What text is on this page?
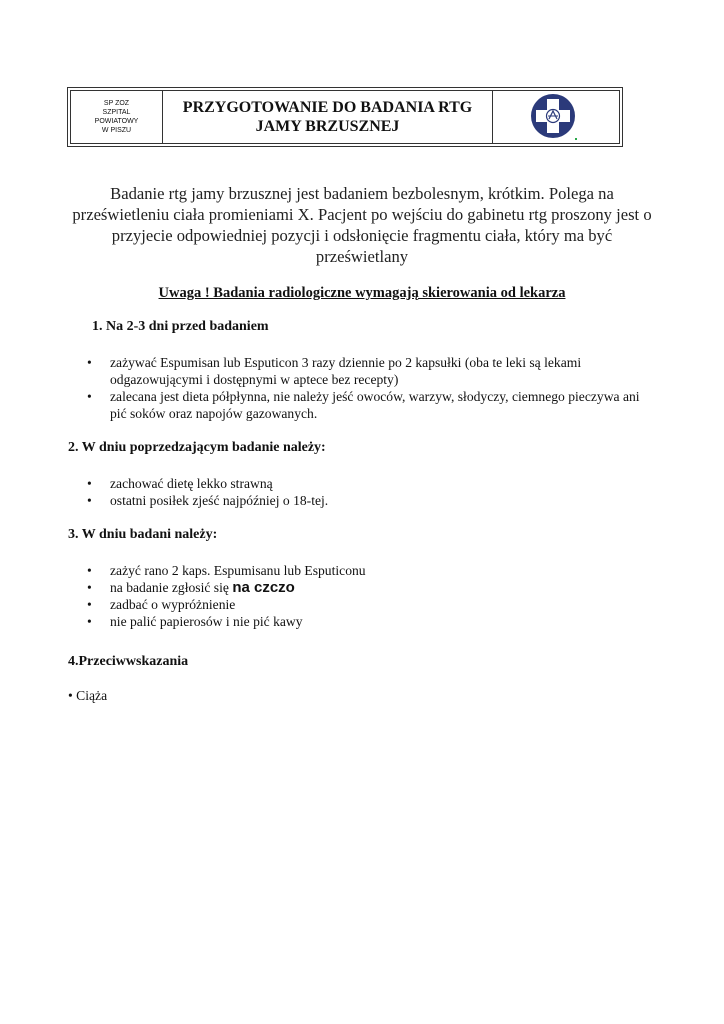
SP ZOZ
SZPITAL
POWIATOWY
W PISZU
PRZYGOTOWANIE DO BADANIA RTG
JAMY BRZUSZNEJ
Badanie rtg jamy brzusznej jest badaniem bezbolesnym, krótkim. Polega na prześwietleniu ciała promieniami X. Pacjent po wejściu do gabinetu rtg proszony jest o przyjecie odpowiedniej pozycji i odsłonięcie fragmentu ciała, który ma być prześwietlany
Uwaga ! Badania radiologiczne wymagają skierowania od lekarza
1. Na 2-3 dni przed badaniem
•	zażywać Espumisan lub Esputicon 3 razy dziennie po 2 kapsułki (oba te leki są lekami odgazowującymi i dostępnymi w aptece bez recepty)
•	zalecana jest dieta półpłynna, nie należy jeść owoców, warzyw, słodyczy, ciemnego pieczywa ani pić soków oraz napojów gazowanych.
2. W dniu poprzedzającym badanie należy:
•	zachować dietę lekko strawną
•	ostatni posiłek zjeść najpóźniej o 18-tej.
3. W dniu badani należy:
•	zażyć rano 2 kaps. Espumisanu lub Esputiconu
•	na badanie zgłosić się na czczo
•	zadbać o wypróżnienie
•	nie palić papierosów i nie pić kawy
4.Przeciwwskazania
• Ciąża
